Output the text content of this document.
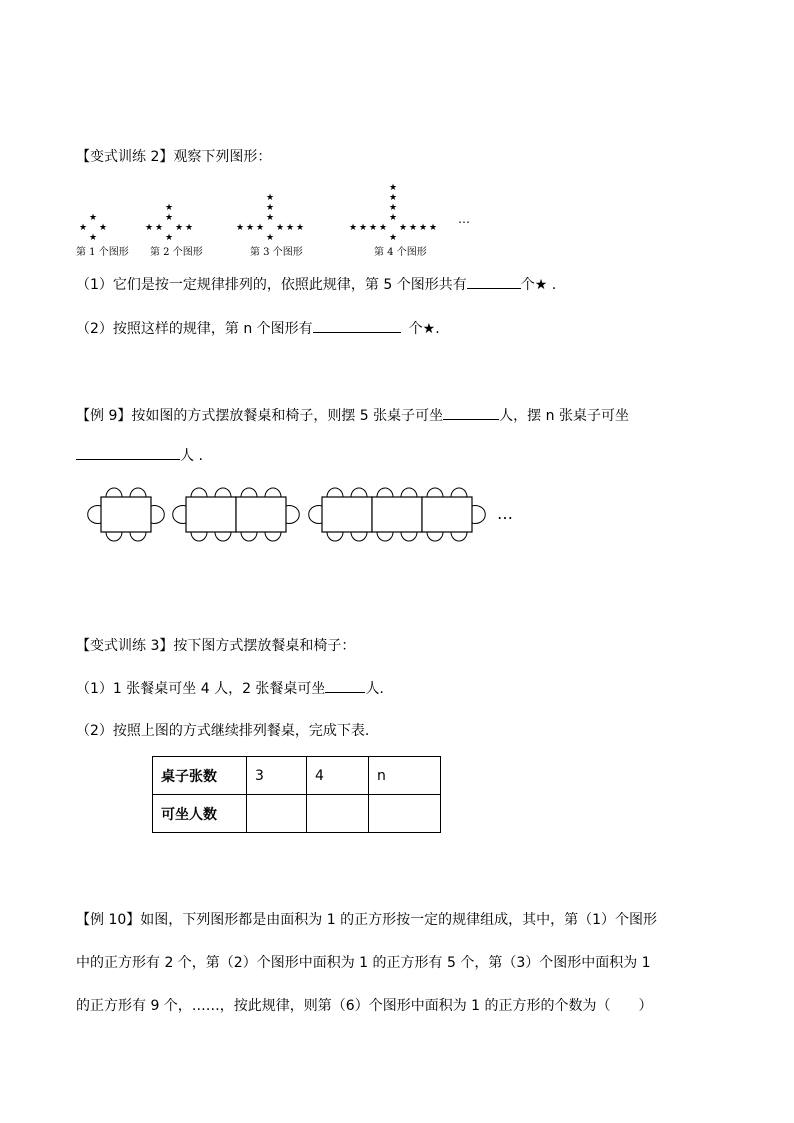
【变式训练 2】观察下列图形：
★
★
★ ★
★
★
★
★ ★
★	★
★
★
★
★
★ ★
★	★
★	★
★
★
★
★
★
★ ★
★	★
★	★
★	★
第 1 个图形 第 2 个图形	第 3 个图形	第 4 个图形
…
（1）它们是按一定规律排列的，依照此规律，第 5 个图形共有	个★ .
（2）按照这样的规律，第 n 个图形有	个★.
【例 9】按如图的方式摆放餐桌和椅子，则摆 5 张桌子可坐	人，摆 n 张桌子可坐
人 .
…
【变式训练 3】按下图方式摆放餐桌和椅子：
（1）1 张餐桌可坐 4 人，2 张餐桌可坐	人.
（2）按照上图的方式继续排列餐桌，完成下表.
桌子张数	3	4	n
可坐人数			
【例 10】如图，下列图形都是由面积为 1 的正方形按一定的规律组成，其中，第（1）个图形
中的正方形有 2 个，第（2）个图形中面积为 1 的正方形有 5 个，第（3）个图形中面积为 1
的正方形有 9 个，……，按此规律，则第（6）个图形中面积为 1 的正方形的个数为（　　）
